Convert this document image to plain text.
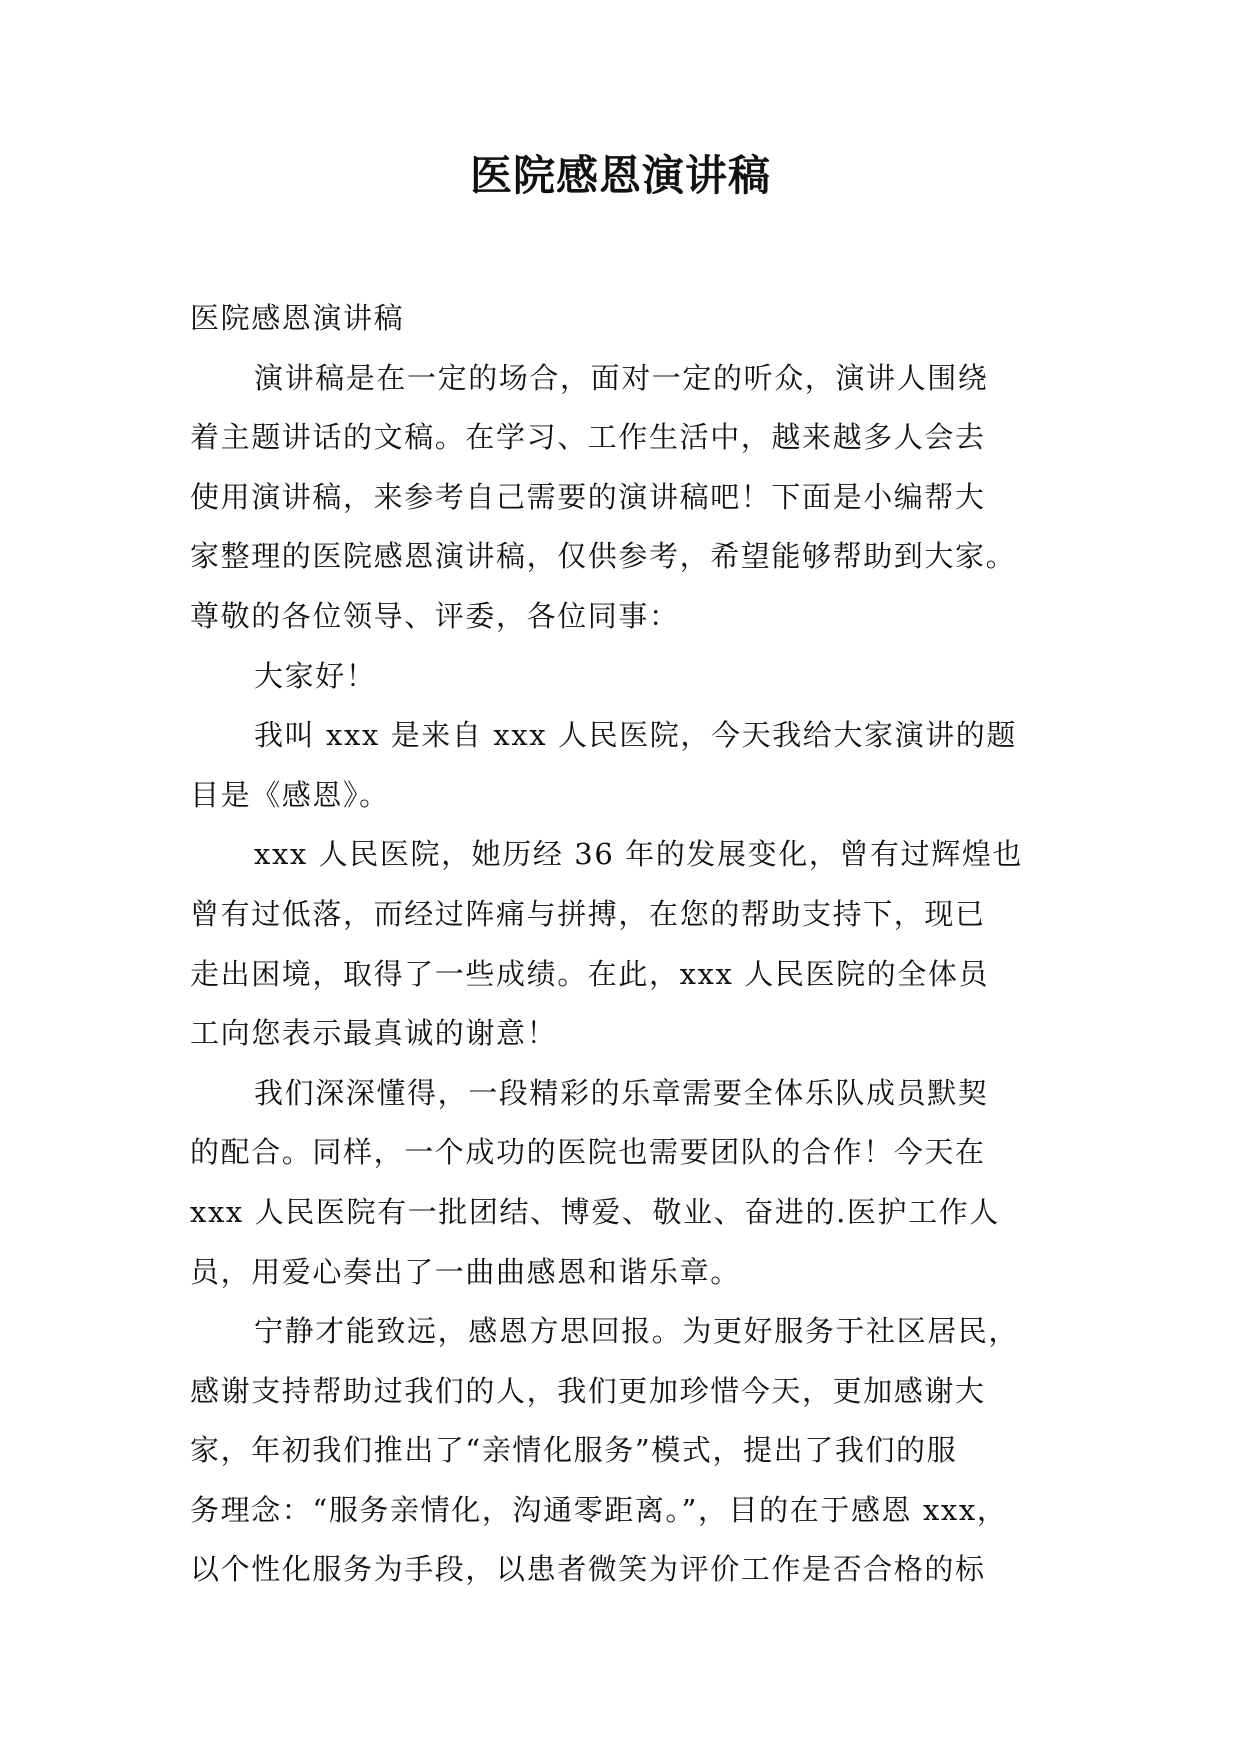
医院感恩演讲稿
医院感恩演讲稿
演讲稿是在一定的场合，面对一定的听众，演讲人围绕
着主题讲话的文稿。在学习、工作生活中，越来越多人会去
使用演讲稿，来参考自己需要的演讲稿吧！下面是小编帮大
家整理的医院感恩演讲稿，仅供参考，希望能够帮助到大家。
尊敬的各位领导、评委，各位同事：
大家好！
我叫 xxx 是来自 xxx 人民医院，今天我给大家演讲的题
目是《感恩》。
xxx 人民医院，她历经 36 年的发展变化，曾有过辉煌也
曾有过低落，而经过阵痛与拼搏，在您的帮助支持下，现已
走出困境，取得了一些成绩。在此，xxx 人民医院的全体员
工向您表示最真诚的谢意！
我们深深懂得，一段精彩的乐章需要全体乐队成员默契
的配合。同样，一个成功的医院也需要团队的合作！今天在
xxx 人民医院有一批团结、博爱、敬业、奋进的.医护工作人
员，用爱心奏出了一曲曲感恩和谐乐章。
宁静才能致远，感恩方思回报。为更好服务于社区居民，
感谢支持帮助过我们的人，我们更加珍惜今天，更加感谢大
家，年初我们推出了“亲情化服务”模式，提出了我们的服
务理念：“服务亲情化，沟通零距离。”，目的在于感恩 xxx，
以个性化服务为手段，以患者微笑为评价工作是否合格的标
